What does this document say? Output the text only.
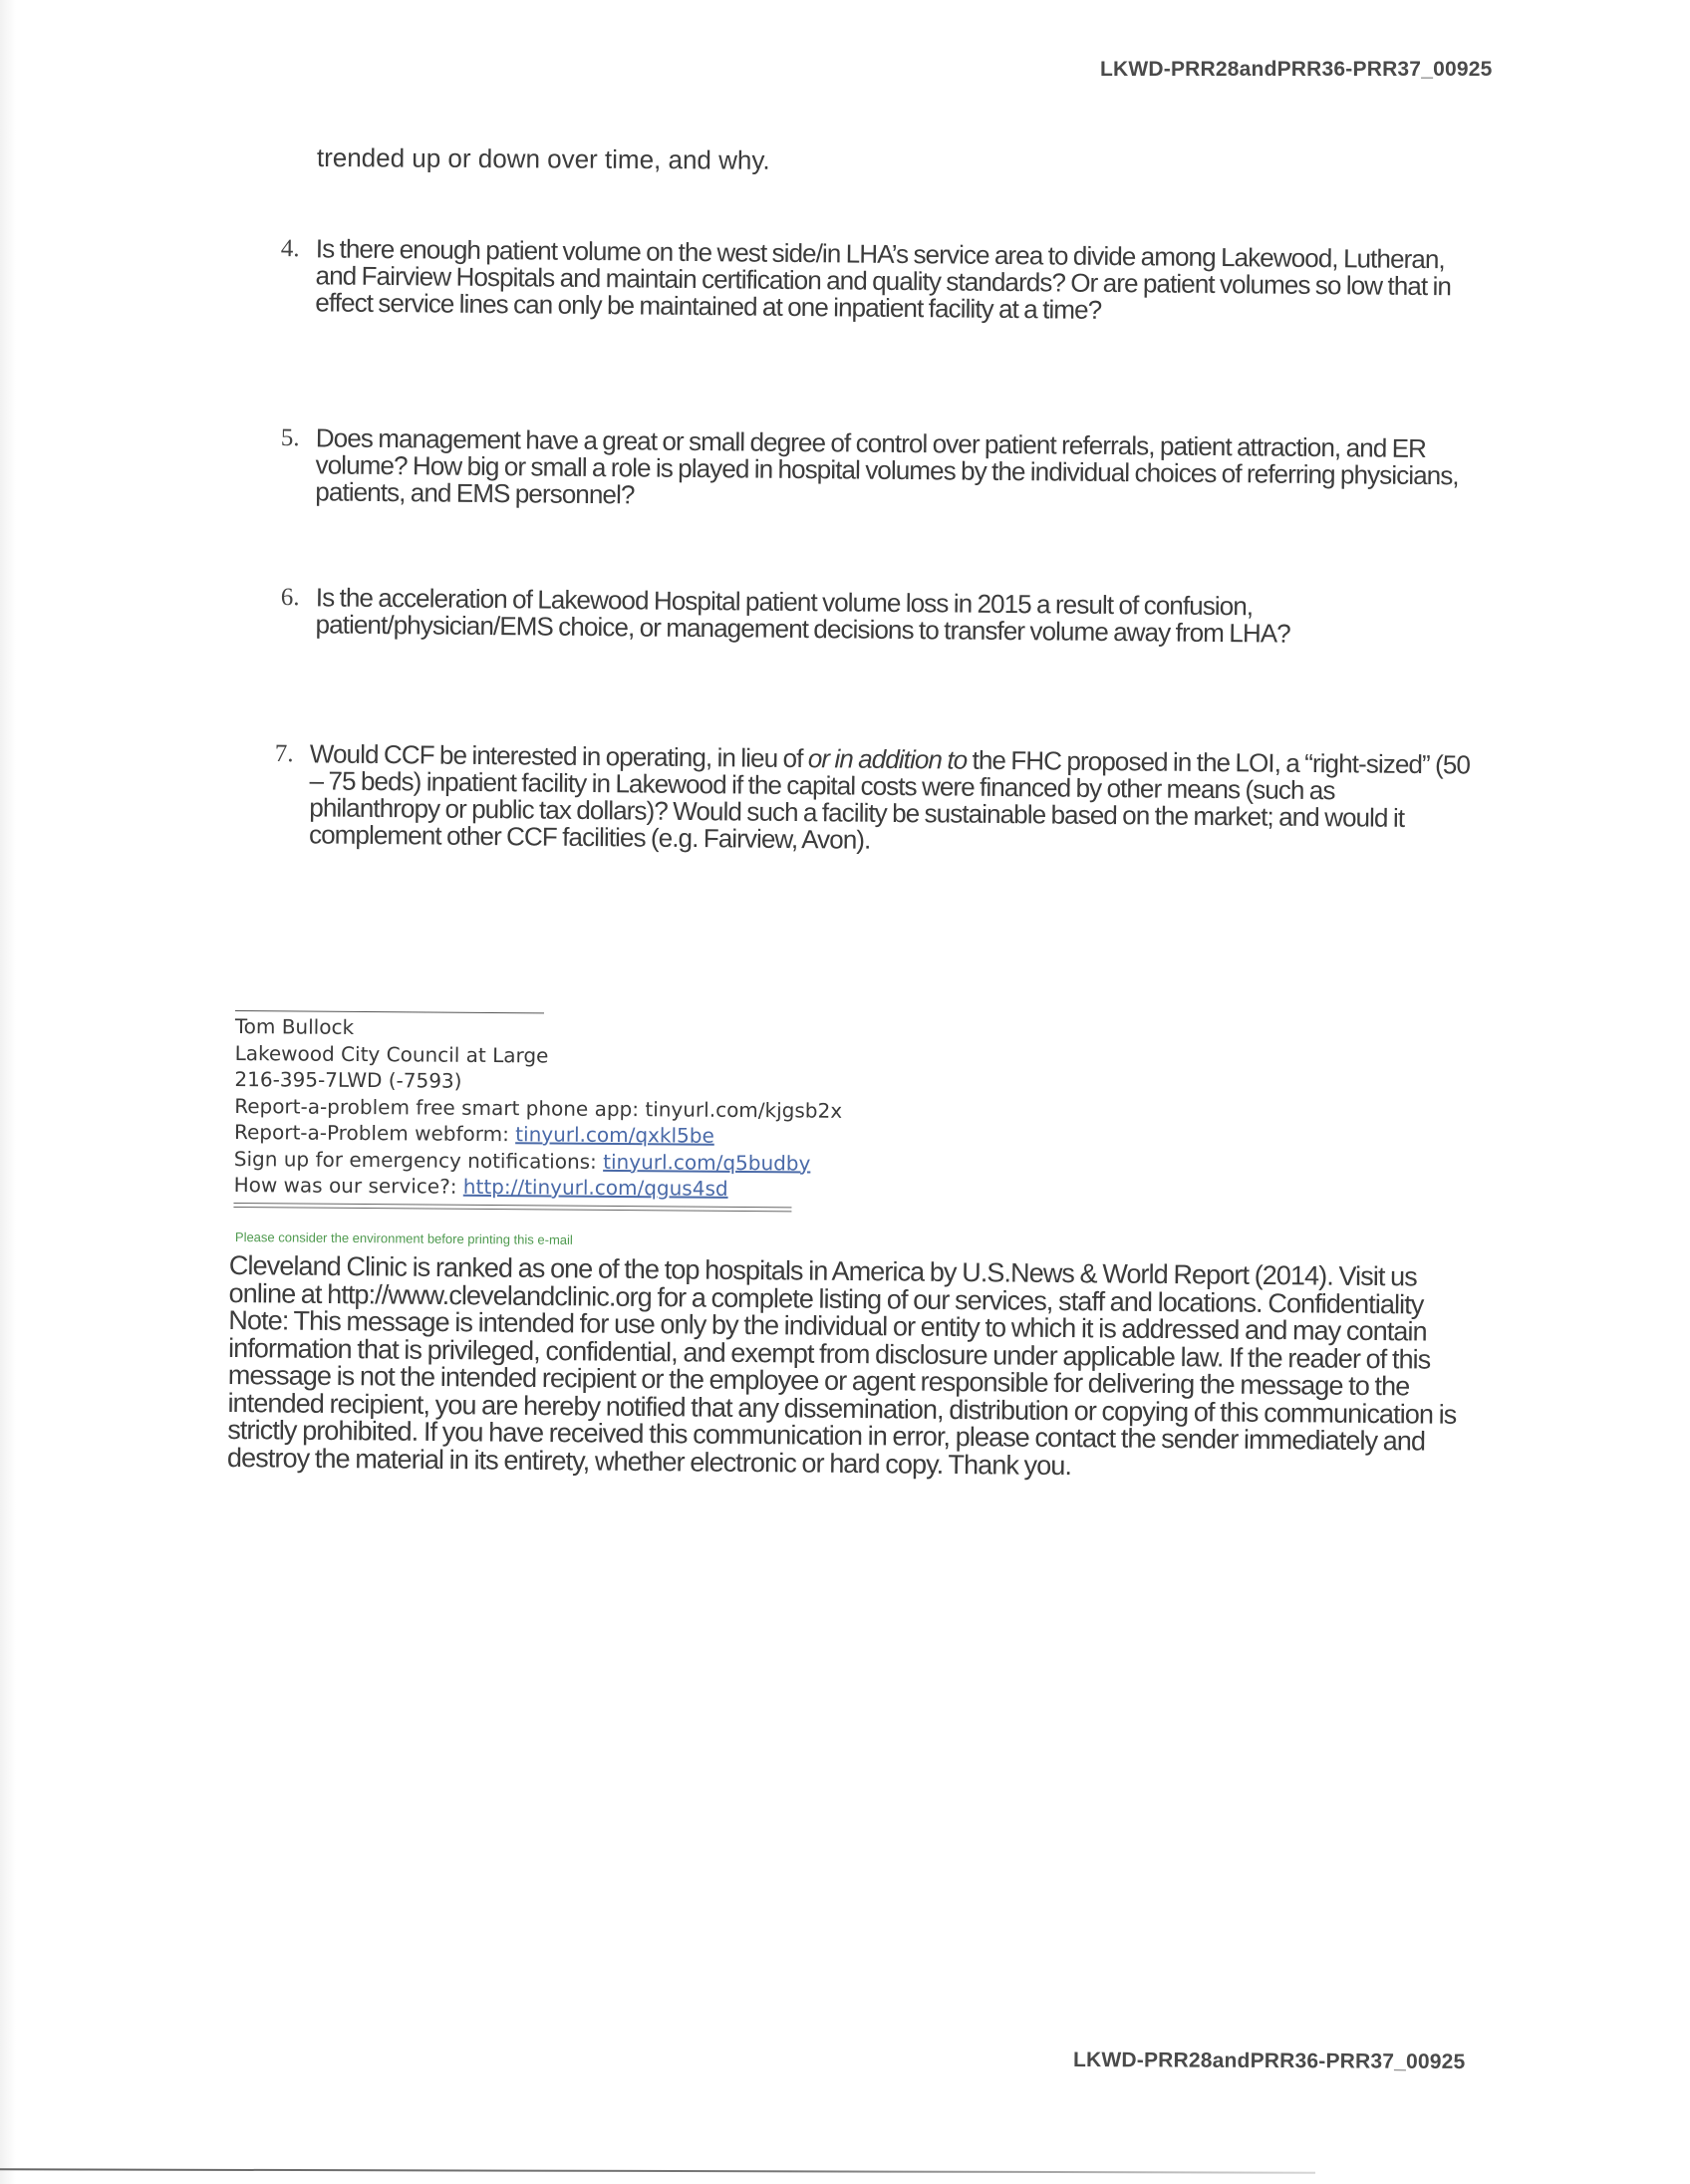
LKWD-PRR28andPRR36-PRR37_00925
trended up or down over time, and why.
4. Is there enough patient volume on the west side/in LHA’s service area to divide among Lakewood, Lutheran, and Fairview Hospitals and maintain certification and quality standards? Or are patient volumes so low that in effect service lines can only be maintained at one inpatient facility at a time?
5. Does management have a great or small degree of control over patient referrals, patient attraction, and ER volume? How big or small a role is played in hospital volumes by the individual choices of referring physicians, patients, and EMS personnel?
6. Is the acceleration of Lakewood Hospital patient volume loss in 2015 a result of confusion, patient/physician/EMS choice, or management decisions to transfer volume away from LHA?
7. Would CCF be interested in operating, in lieu of or in addition to the FHC proposed in the LOI, a “right-sized” (50 – 75 beds) inpatient facility in Lakewood if the capital costs were financed by other means (such as philanthropy or public tax dollars)? Would such a facility be sustainable based on the market; and would it complement other CCF facilities (e.g. Fairview, Avon).
Tom Bullock
Lakewood City Council at Large
216-395-7LWD (-7593)
Report-a-problem free smart phone app: tinyurl.com/kjgsb2x
Report-a-Problem webform: tinyurl.com/qxkl5be
Sign up for emergency notifications: tinyurl.com/q5budby
How was our service?: http://tinyurl.com/qgus4sd
Please consider the environment before printing this e-mail
Cleveland Clinic is ranked as one of the top hospitals in America by U.S.News & World Report (2014). Visit us online at http://www.clevelandclinic.org for a complete listing of our services, staff and locations. Confidentiality Note: This message is intended for use only by the individual or entity to which it is addressed and may contain information that is privileged, confidential, and exempt from disclosure under applicable law. If the reader of this message is not the intended recipient or the employee or agent responsible for delivering the message to the intended recipient, you are hereby notified that any dissemination, distribution or copying of this communication is strictly prohibited. If you have received this communication in error, please contact the sender immediately and destroy the material in its entirety, whether electronic or hard copy. Thank you.
LKWD-PRR28andPRR36-PRR37_00925
